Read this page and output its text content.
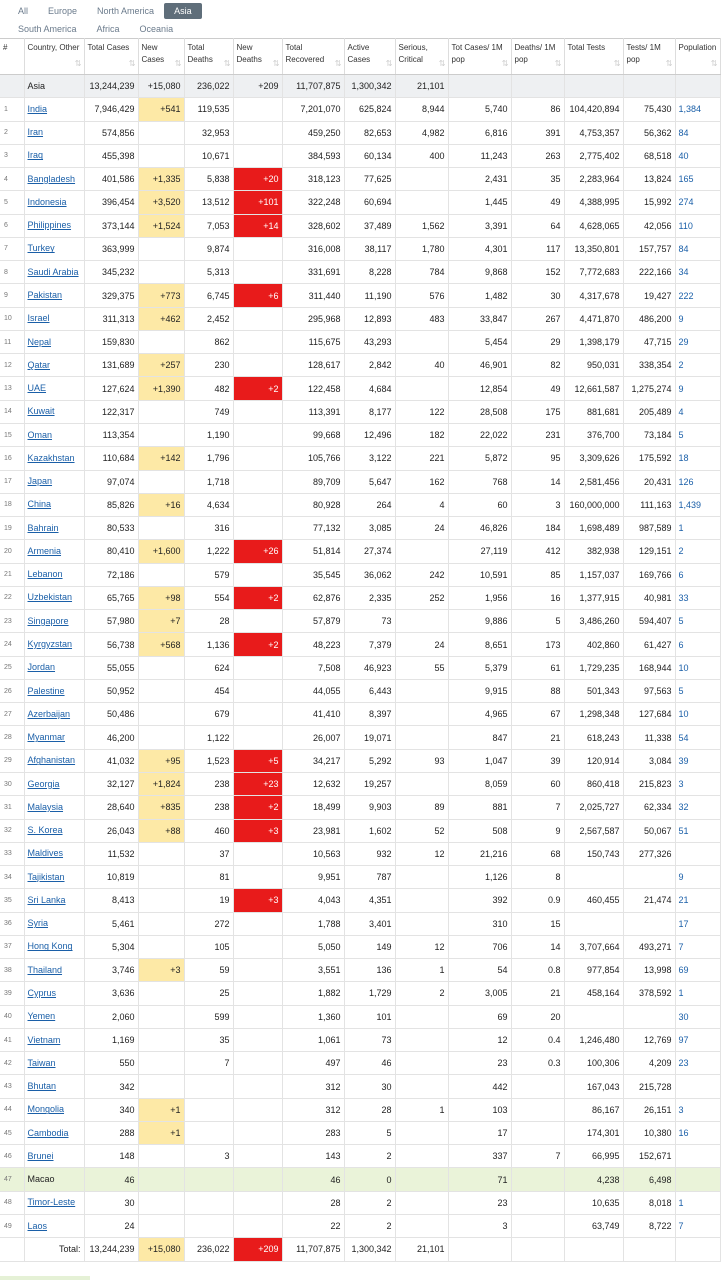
All	Europe	North America	Asia
South America	Africa	Oceania
#	Country, Other
⇅	Total Cases
⇅	New Cases ⇅	Total Deaths ⇅	New Deaths ⇅	Total Recovered ⇅	Active Cases ⇅	Serious, Critical ⇅	Tot Cases/ 1M pop ⇅	Deaths/ 1M pop ⇅	Total Tests
⇅	Tests/ 1M pop ⇅	Population
⇅

	Asia	13,244,239	+15,080	236,022	+209	11,707,875	1,300,342	21,101					
1	India	7,946,429	+541	119,535		7,201,070	625,824	8,944	5,740	86	104,420,894	75,430	1,384
2	Iran	574,856		32,953		459,250	82,653	4,982	6,816	391	4,753,357	56,362	84
3	Iraq	455,398		10,671		384,593	60,134	400	11,243	263	2,775,402	68,518	40
4	Bangladesh	401,586	+1,335	5,838	+20	318,123	77,625		2,431	35	2,283,964	13,824	165
5	Indonesia	396,454	+3,520	13,512	+101	322,248	60,694		1,445	49	4,388,995	15,992	274
6	Philippines	373,144	+1,524	7,053	+14	328,602	37,489	1,562	3,391	64	4,628,065	42,056	110
7	Turkey	363,999		9,874		316,008	38,117	1,780	4,301	117	13,350,801	157,757	84
8	Saudi Arabia	345,232		5,313		331,691	8,228	784	9,868	152	7,772,683	222,166	34
9	Pakistan	329,375	+773	6,745	+6	311,440	11,190	576	1,482	30	4,317,678	19,427	222
10	Israel	311,313	+462	2,452		295,968	12,893	483	33,847	267	4,471,870	486,200	9
11	Nepal	159,830		862		115,675	43,293		5,454	29	1,398,179	47,715	29
12	Qatar	131,689	+257	230		128,617	2,842	40	46,901	82	950,031	338,354	2
13	UAE	127,624	+1,390	482	+2	122,458	4,684		12,854	49	12,661,587	1,275,274	9
14	Kuwait	122,317		749		113,391	8,177	122	28,508	175	881,681	205,489	4
15	Oman	113,354		1,190		99,668	12,496	182	22,022	231	376,700	73,184	5
16	Kazakhstan	110,684	+142	1,796		105,766	3,122	221	5,872	95	3,309,626	175,592	18
17	Japan	97,074		1,718		89,709	5,647	162	768	14	2,581,456	20,431	126
18	China	85,826	+16	4,634		80,928	264	4	60	3	160,000,000	111,163	1,439
19	Bahrain	80,533		316		77,132	3,085	24	46,826	184	1,698,489	987,589	1
20	Armenia	80,410	+1,600	1,222	+26	51,814	27,374		27,119	412	382,938	129,151	2
21	Lebanon	72,186		579		35,545	36,062	242	10,591	85	1,157,037	169,766	6
22	Uzbekistan	65,765	+98	554	+2	62,876	2,335	252	1,956	16	1,377,915	40,981	33
23	Singapore	57,980	+7	28		57,879	73		9,886	5	3,486,260	594,407	5
24	Kyrgyzstan	56,738	+568	1,136	+2	48,223	7,379	24	8,651	173	402,860	61,427	6
25	Jordan	55,055		624		7,508	46,923	55	5,379	61	1,729,235	168,944	10
26	Palestine	50,952		454		44,055	6,443		9,915	88	501,343	97,563	5
27	Azerbaijan	50,486		679		41,410	8,397		4,965	67	1,298,348	127,684	10
28	Myanmar	46,200		1,122		26,007	19,071		847	21	618,243	11,338	54
29	Afghanistan	41,032	+95	1,523	+5	34,217	5,292	93	1,047	39	120,914	3,084	39
30	Georgia	32,127	+1,824	238	+23	12,632	19,257		8,059	60	860,418	215,823	3
31	Malaysia	28,640	+835	238	+2	18,499	9,903	89	881	7	2,025,727	62,334	32
32	S. Korea	26,043	+88	460	+3	23,981	1,602	52	508	9	2,567,587	50,067	51
33	Maldives	11,532		37		10,563	932	12	21,216	68	150,743	277,326	
34	Tajikistan	10,819		81		9,951	787		1,126	8			9
35	Sri Lanka	8,413		19	+3	4,043	4,351		392	0.9	460,455	21,474	21
36	Syria	5,461		272		1,788	3,401		310	15			17
37	Hong Kong	5,304		105		5,050	149	12	706	14	3,707,664	493,271	7
38	Thailand	3,746	+3	59		3,551	136	1	54	0.8	977,854	13,998	69
39	Cyprus	3,636		25		1,882	1,729	2	3,005	21	458,164	378,592	1
40	Yemen	2,060		599		1,360	101		69	20			30
41	Vietnam	1,169		35		1,061	73		12	0.4	1,246,480	12,769	97
42	Taiwan	550		7		497	46		23	0.3	100,306	4,209	23
43	Bhutan	342				312	30		442		167,043	215,728	
44	Mongolia	340	+1			312	28	1	103		86,167	26,151	3
45	Cambodia	288	+1			283	5		17		174,301	10,380	16
46	Brunei	148		3		143	2		337	7	66,995	152,671	
47	Macao	46				46	0		71		4,238	6,498	
48	Timor-Leste	30				28	2		23		10,635	8,018	1
49	Laos	24				22	2		3		63,749	8,722	7
	Total:	13,244,239	+15,080	236,022	+209	11,707,875	1,300,342	21,101					
